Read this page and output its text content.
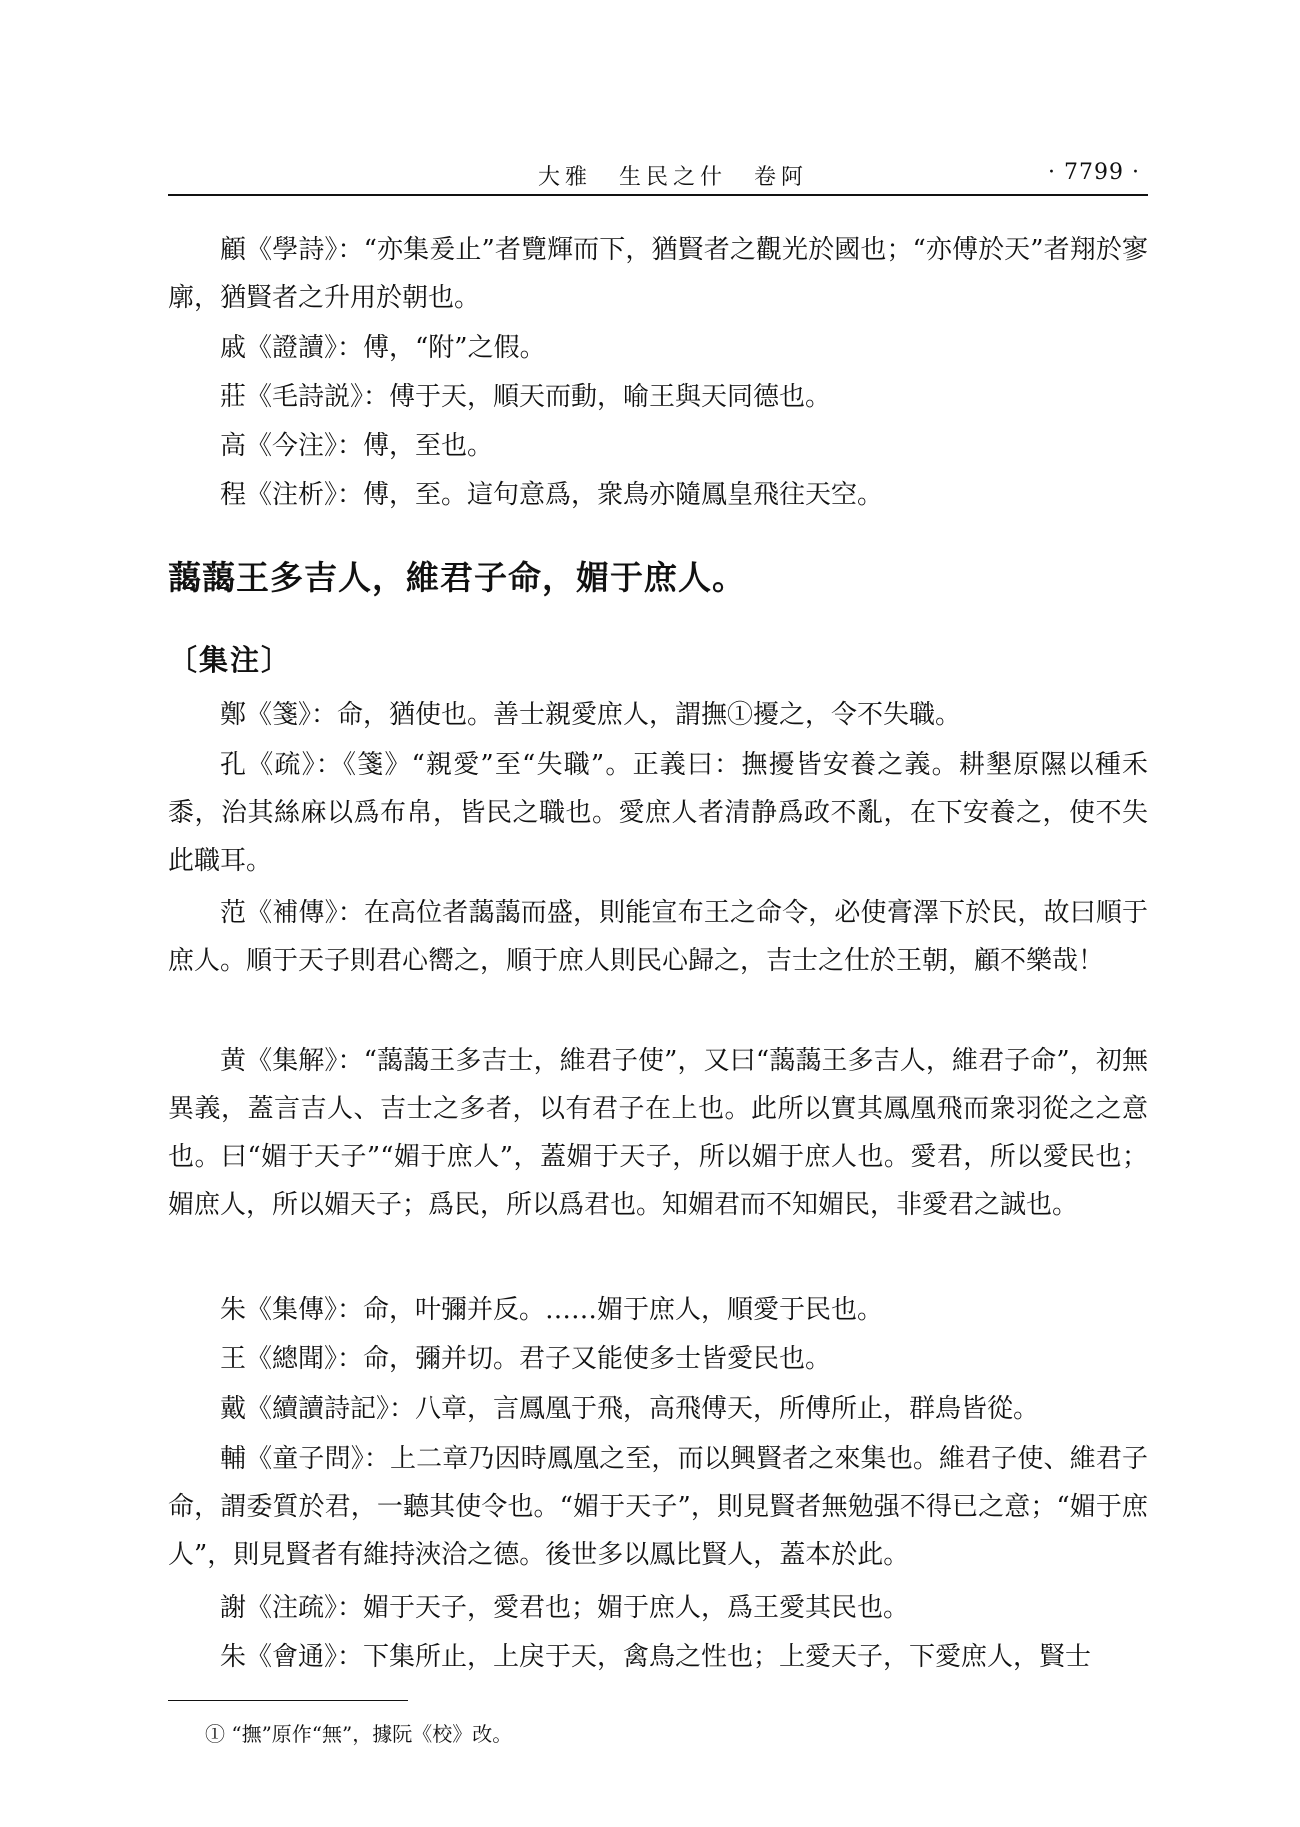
大雅　生民之什　卷阿	· 7799 ·
顧《學詩》：“亦集爰止”者覽輝而下，猶賢者之觀光於國也；“亦傅於天”者翔於寥廓，猶賢者之升用於朝也。
戚《證讀》：傅，“附”之假。
莊《毛詩説》：傅于天，順天而動，喻王與天同德也。
高《今注》：傅，至也。
程《注析》：傅，至。這句意爲，衆鳥亦隨鳳皇飛往天空。
藹藹王多吉人，維君子命，媚于庶人。
〔集注〕
鄭《箋》：命，猶使也。善士親愛庶人，謂撫①擾之，令不失職。
孔《疏》：《箋》“親愛”至“失職”。正義曰：撫擾皆安養之義。耕墾原隰以種禾黍，治其絲麻以爲布帛，皆民之職也。愛庶人者清静爲政不亂，在下安養之，使不失此職耳。
范《補傳》：在高位者藹藹而盛，則能宣布王之命令，必使膏澤下於民，故曰順于庶人。順于天子則君心嚮之，順于庶人則民心歸之，吉士之仕於王朝，顧不樂哉！
黄《集解》：“藹藹王多吉士，維君子使”，又曰“藹藹王多吉人，維君子命”，初無異義，蓋言吉人、吉士之多者，以有君子在上也。此所以實其鳳凰飛而衆羽從之之意也。曰“媚于天子”“媚于庶人”，蓋媚于天子，所以媚于庶人也。愛君，所以愛民也；媚庶人，所以媚天子；爲民，所以爲君也。知媚君而不知媚民，非愛君之誠也。
朱《集傳》：命，叶彌并反。……媚于庶人，順愛于民也。
王《總聞》：命，彌并切。君子又能使多士皆愛民也。
戴《續讀詩記》：八章，言鳳凰于飛，高飛傅天，所傅所止，群鳥皆從。
輔《童子問》：上二章乃因時鳳凰之至，而以興賢者之來集也。維君子使、維君子命，謂委質於君，一聽其使令也。“媚于天子”，則見賢者無勉强不得已之意；“媚于庶人”，則見賢者有維持浹洽之德。後世多以鳳比賢人，蓋本於此。
謝《注疏》：媚于天子，愛君也；媚于庶人，爲王愛其民也。
朱《會通》：下集所止，上戾于天，禽鳥之性也；上愛天子，下愛庶人，賢士
① “撫”原作“無”，據阮《校》改。
